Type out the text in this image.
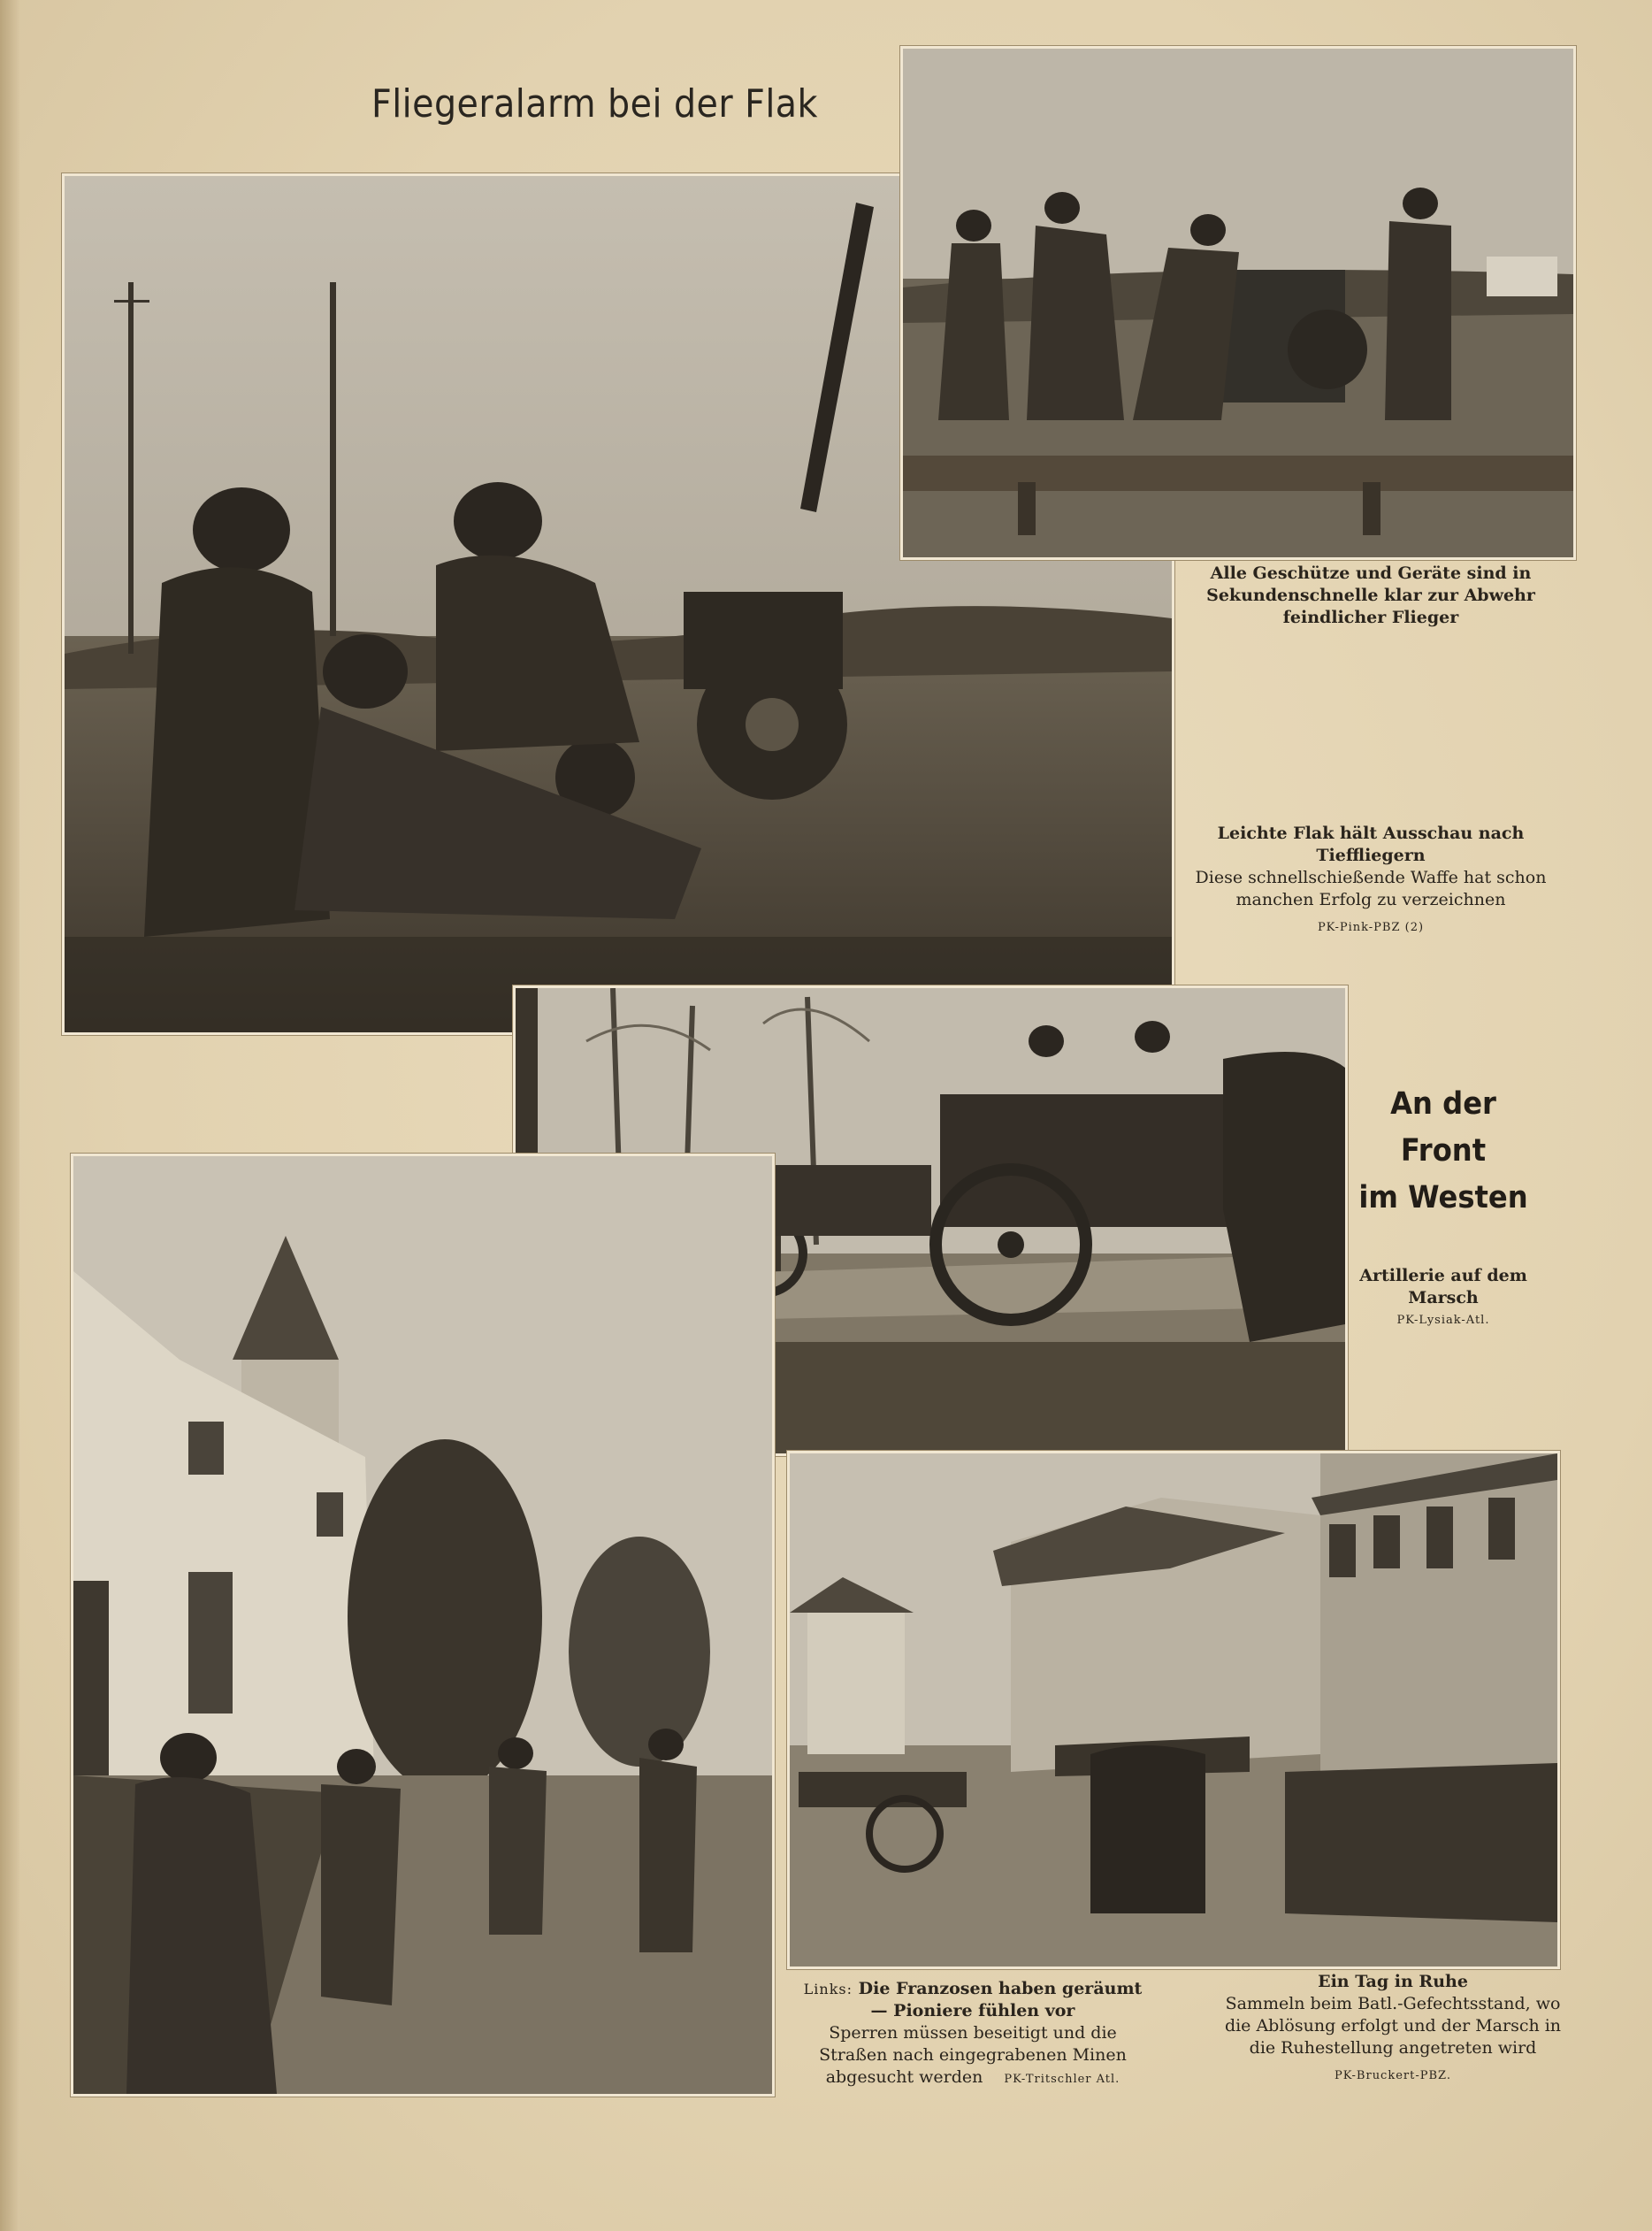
Fliegeralarm bei der Flak
Alle Geschütze und Geräte sind in Sekundenschnelle klar zur Abwehr feindlicher Flieger
Leichte Flak hält Ausschau nach Tieffliegern
Diese schnellschießende Waffe hat schon manchen Erfolg zu verzeichnen
PK-Pink-PBZ (2)
An der
Front
im Westen
Artillerie auf dem Marsch
PK-Lysiak-Atl.
Links: Die Franzosen haben geräumt — Pioniere fühlen vor
Sperren müssen beseitigt und die Straßen nach eingegrabenen Minen abgesucht werden PK-Tritschler Atl.
Ein Tag in Ruhe
Sammeln beim Batl.-Gefechtsstand, wo die Ablösung erfolgt und der Marsch in die Ruhestellung angetreten wird
PK-Bruckert-PBZ.
